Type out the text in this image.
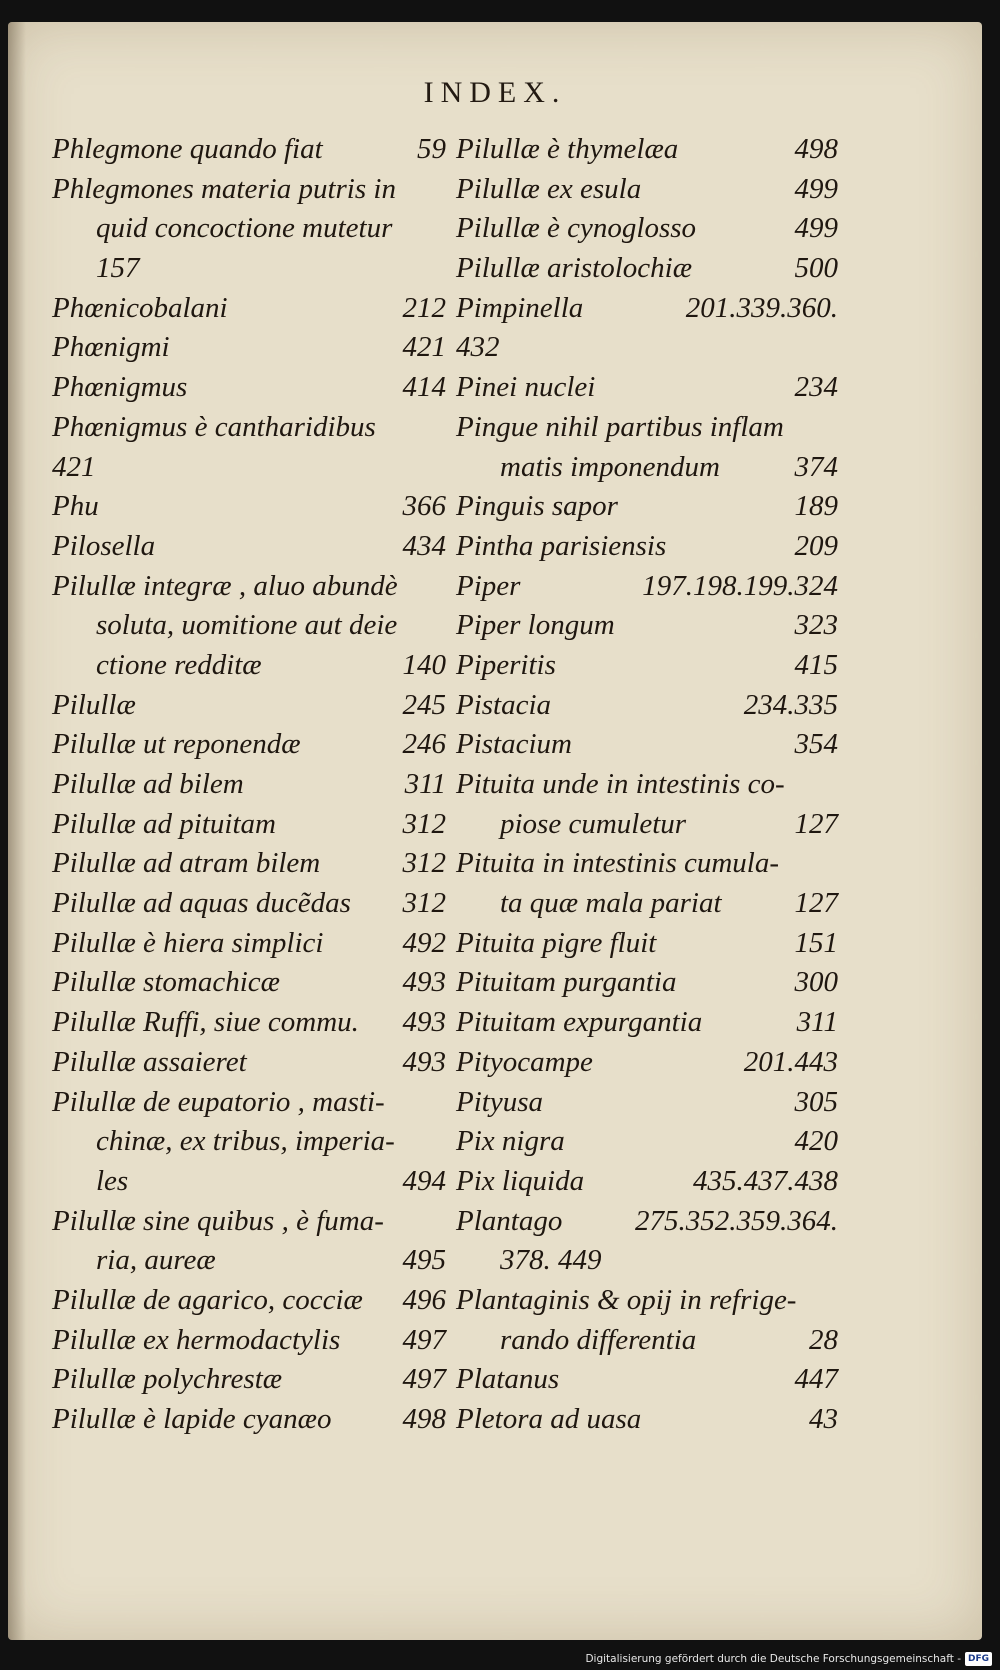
INDEX.
Phlegmone quando fiat	59
Phlegmones materia putris in
quid concoctione mutetur
157
Phœnicobalani	212
Phœnigmi	421
Phœnigmus	414
Phœnigmus è cantharidibus
421
Phu	366
Pilosella	434
Pilullæ integræ , aluo abundè
soluta, uomitione aut deie
ctione redditæ	140
Pilullæ	245
Pilullæ ut reponendæ	246
Pilullæ ad bilem	311
Pilullæ ad pituitam	312
Pilullæ ad atram bilem	312
Pilullæ ad aquas ducẽdas 312
Pilullæ è hiera simplici	492
Pilullæ stomachicæ	493
Pilullæ Ruffi, siue commu. 493
Pilullæ assaieret	493
Pilullæ de eupatorio , masti-
chinæ, ex tribus, imperia-
les	494
Pilullæ sine quibus , è fuma-
ria, aureæ	495
Pilullæ de agarico, cocciæ 496
Pilullæ ex hermodactylis 497
Pilullæ polychrestæ	497
Pilullæ è lapide cyanæo 498
Pilullæ è thymelæa	498
Pilullæ ex esula	499
Pilullæ è cynoglosso	499
Pilullæ aristolochiæ	500
Pimpinella	201.339.360.
432
Pinei nuclei	234
Pingue nihil partibus inflam
matis imponendum	374
Pinguis sapor	189
Pintha parisiensis	209
Piper	197.198.199.324
Piper longum	323
Piperitis	415
Pistacia	234.335
Pistacium	354
Pituita unde in intestinis co-
piose cumuletur	127
Pituita in intestinis cumula-
ta quæ mala pariat	127
Pituita pigre fluit	151
Pituitam purgantia	300
Pituitam expurgantia	311
Pityocampe	201.443
Pityusa	305
Pix nigra	420
Pix liquida	435.437.438
Plantago	275.352.359.364.
378. 449
Plantaginis & opij in refrige-
rando differentia	28
Platanus	447
Pletora ad uasa	43
Digitalisierung gefördert durch die Deutsche Forschungsgemeinschaft - DFG
